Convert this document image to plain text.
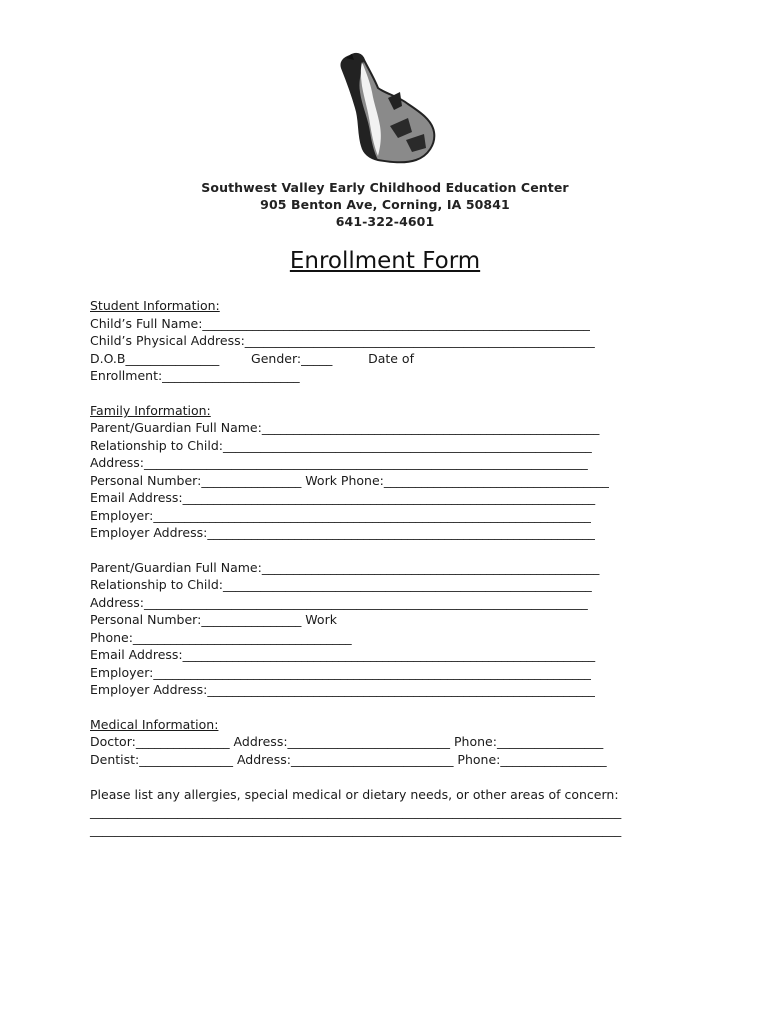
Southwest Valley Early Childhood Education Center
905 Benton Ave, Corning, IA 50841
641-322-4601
Enrollment Form
Student Information:
Child’s Full Name:______________________________________________________________
Child’s Physical Address:________________________________________________________
D.O.B_______________        Gender:_____         Date of
Enrollment:______________________
Family Information:
Parent/Guardian Full Name:______________________________________________________
Relationship to Child:___________________________________________________________
Address:_______________________________________________________________________
Personal Number:________________ Work Phone:____________________________________
Email Address:__________________________________________________________________
Employer:______________________________________________________________________
Employer Address:______________________________________________________________
Parent/Guardian Full Name:______________________________________________________
Relationship to Child:___________________________________________________________
Address:_______________________________________________________________________
Personal Number:________________ Work
Phone:___________________________________
Email Address:__________________________________________________________________
Employer:______________________________________________________________________
Employer Address:______________________________________________________________
Medical Information:
Doctor:_______________ Address:__________________________ Phone:_________________
Dentist:_______________ Address:__________________________ Phone:_________________
Please list any allergies, special medical or dietary needs, or other areas of concern:
_____________________________________________________________________________________
_____________________________________________________________________________________
